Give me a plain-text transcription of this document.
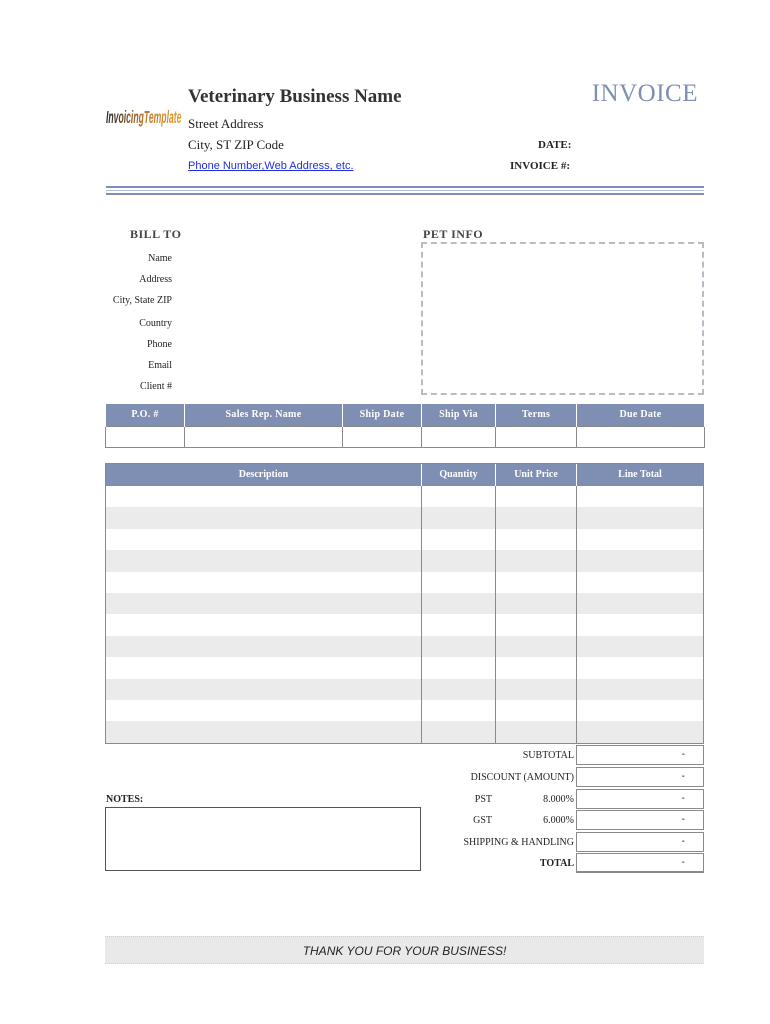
InvoicingTemplate
Veterinary Business Name
Street Address
City, ST ZIP Code
Phone Number,Web Address, etc.
INVOICE
DATE:
INVOICE #:
BILL TO
Name
Address
City, State ZIP
Country
Phone
Email
Client #
PET INFO
P.O. #	Sales Rep. Name	Ship Date	Ship Via	Terms	Due Date

Description	Quantity	Unit Price	Line Total
SUBTOTAL	-
DISCOUNT (AMOUNT)	-
PST	8.000%	-
GST	6.000%	-
SHIPPING & HANDLING	-
TOTAL	-
NOTES:
THANK YOU FOR YOUR BUSINESS!
